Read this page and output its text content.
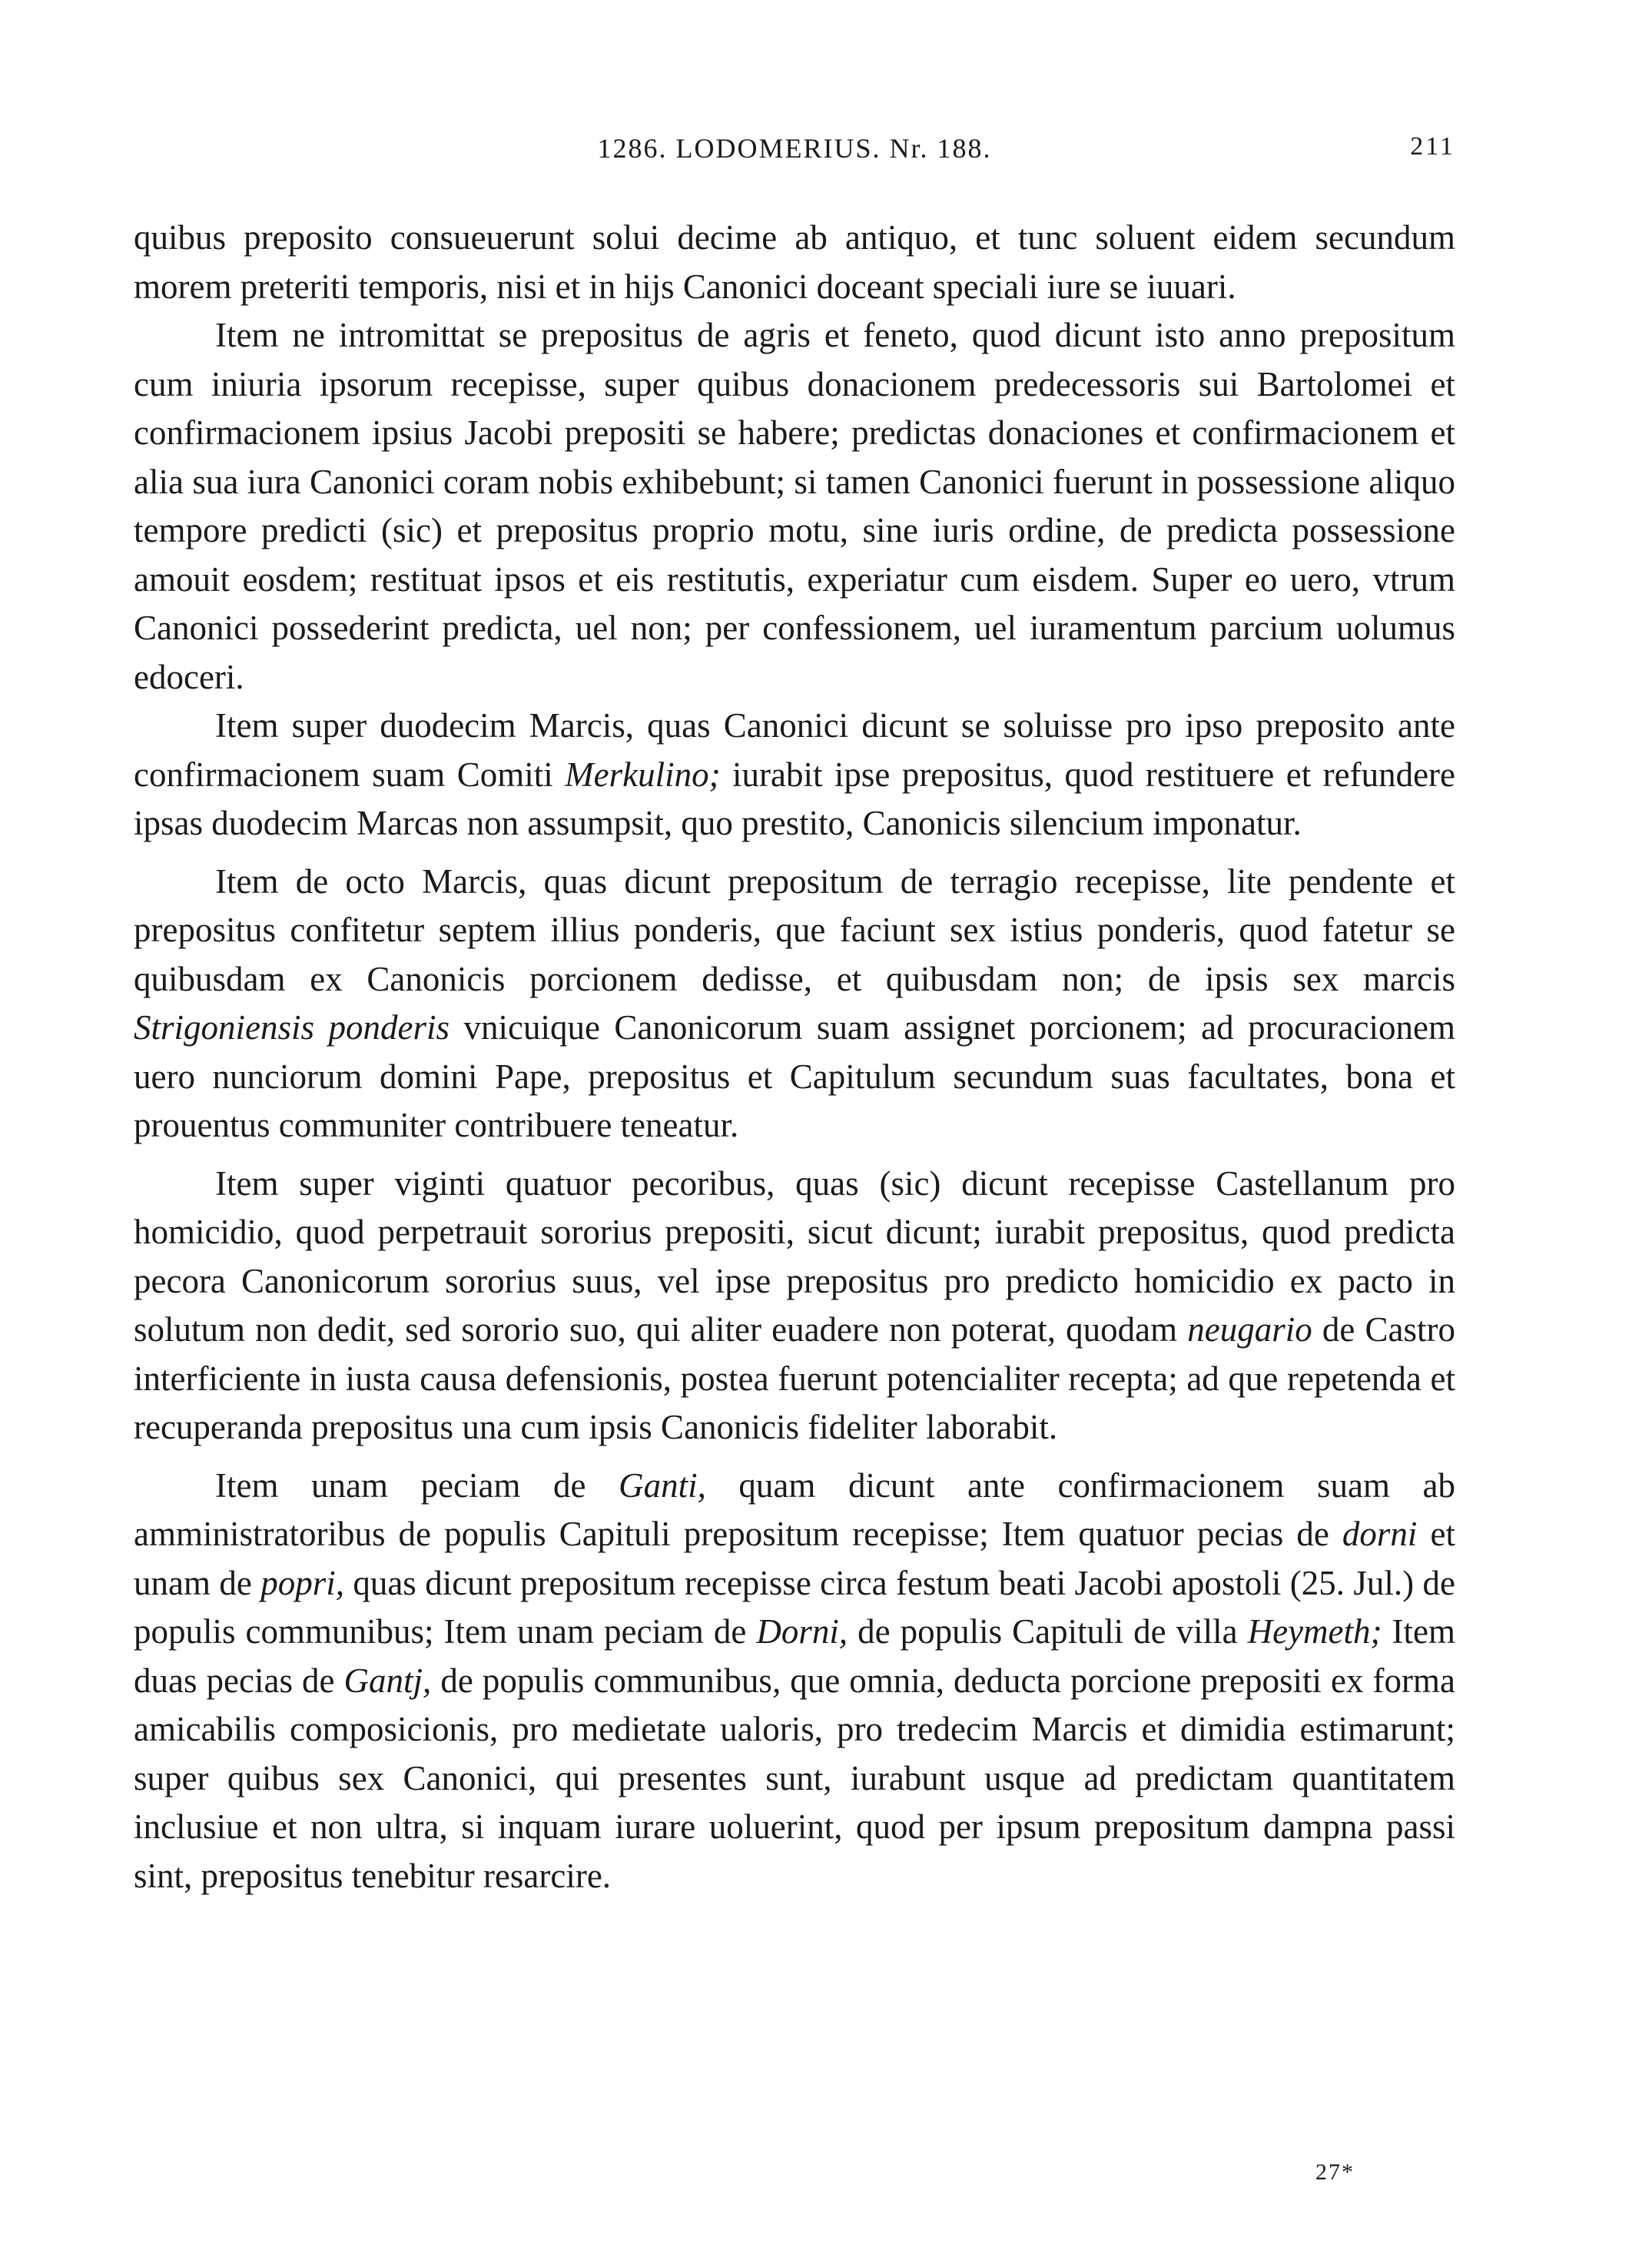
1286. LODOMERIUS. Nr. 188.	211

quibus preposito consueuerunt solui decime ab antiquo, et tunc soluent eidem secundum morem preteriti temporis, nisi et in hijs Canonici doceant speciali iure se iuuari.

Item ne intromittat se prepositus de agris et feneto, quod dicunt isto anno prepositum cum iniuria ipsorum recepisse, super quibus donacionem predecessoris sui Bartolomei et confirmacionem ipsius Jacobi prepositi se habere; predictas donaciones et confirmacionem et alia sua iura Canonici coram nobis exhibebunt; si tamen Canonici fuerunt in possessione aliquo tempore predicti (sic) et prepositus proprio motu, sine iuris ordine, de predicta possessione amouit eosdem; restituat ipsos et eis restitutis, experiatur cum eisdem. Super eo uero, vtrum Canonici possederint predicta, uel non; per confessionem, uel iuramentum parcium uolumus edoceri.

Item super duodecim Marcis, quas Canonici dicunt se soluisse pro ipso preposito ante confirmacionem suam Comiti Merkulino; iurabit ipse prepositus, quod restituere et refundere ipsas duodecim Marcas non assumpsit, quo prestito, Canonicis silencium imponatur.

Item de octo Marcis, quas dicunt prepositum de terragio recepisse, lite pendente et prepositus confitetur septem illius ponderis, que faciunt sex istius ponderis, quod fatetur se quibusdam ex Canonicis porcionem dedisse, et quibusdam non; de ipsis sex marcis Strigoniensis ponderis vnicuique Canonicorum suam assignet porcionem; ad procuracionem uero nunciorum domini Pape, prepositus et Capitulum secundum suas facultates, bona et prouentus communiter contribuere teneatur.

Item super viginti quatuor pecoribus, quas (sic) dicunt recepisse Castellanum pro homicidio, quod perpetrauit sororius prepositi, sicut dicunt; iurabit prepositus, quod predicta pecora Canonicorum sororius suus, vel ipse prepositus pro predicto homicidio ex pacto in solutum non dedit, sed sororio suo, qui aliter euadere non poterat, quodam neugario de Castro interficiente in iusta causa defensionis, postea fuerunt potencialiter recepta; ad que repetenda et recuperanda prepositus una cum ipsis Canonicis fideliter laborabit.

Item unam peciam de Ganti, quam dicunt ante confirmacionem suam ab amministratoribus de populis Capituli prepositum recepisse; Item quatuor pecias de dorni et unam de popri, quas dicunt prepositum recepisse circa festum beati Jacobi apostoli (25. Jul.) de populis communibus; Item unam peciam de Dorni, de populis Capituli de villa Heymeth; Item duas pecias de Gantj, de populis communibus, que omnia, deducta porcione prepositi ex forma amicabilis composicionis, pro medietate ualoris, pro tredecim Marcis et dimidia estimarunt; super quibus sex Canonici, qui presentes sunt, iurabunt usque ad predictam quantitatem inclusiue et non ultra, si inquam iurare uoluerint, quod per ipsum prepositum dampna passi sint, prepositus tenebitur resarcire.

27*
